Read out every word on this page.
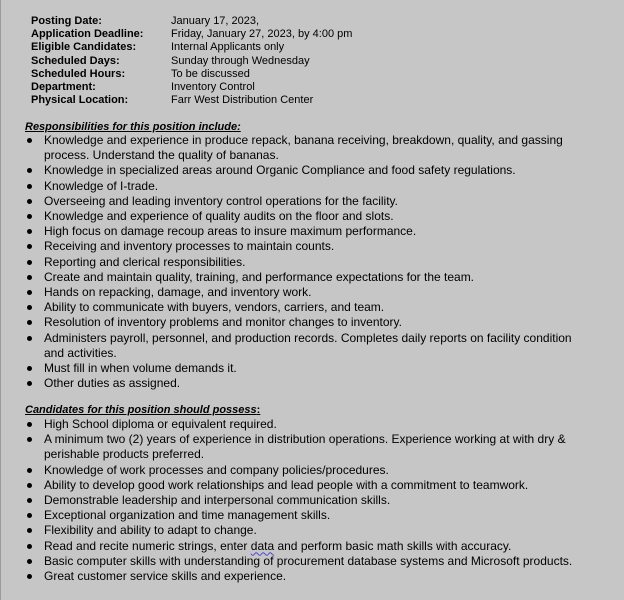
Posting Date:	January 17, 2023,
Application Deadline:	Friday, January 27, 2023, by 4:00 pm
Eligible Candidates:	Internal Applicants only
Scheduled Days:	Sunday through Wednesday
Scheduled Hours:	To be discussed
Department:	Inventory Control
Physical Location:	Farr West Distribution Center
Responsibilities for this position include:
Knowledge and experience in produce repack, banana receiving, breakdown, quality, and gassing process. Understand the quality of bananas.
Knowledge in specialized areas around Organic Compliance and food safety regulations.
Knowledge of I-trade.
Overseeing and leading inventory control operations for the facility.
Knowledge and experience of quality audits on the floor and slots.
High focus on damage recoup areas to insure maximum performance.
Receiving and inventory processes to maintain counts.
Reporting and clerical responsibilities.
Create and maintain quality, training, and performance expectations for the team.
Hands on repacking, damage, and inventory work.
Ability to communicate with buyers, vendors, carriers, and team.
Resolution of inventory problems and monitor changes to inventory.
Administers payroll, personnel, and production records. Completes daily reports on facility condition and activities.
Must fill in when volume demands it.
Other duties as assigned.
Candidates for this position should possess:
High School diploma or equivalent required.
A minimum two (2) years of experience in distribution operations. Experience working at with dry & perishable products preferred.
Knowledge of work processes and company policies/procedures.
Ability to develop good work relationships and lead people with a commitment to teamwork.
Demonstrable leadership and interpersonal communication skills.
Exceptional organization and time management skills.
Flexibility and ability to adapt to change.
Read and recite numeric strings, enter data and perform basic math skills with accuracy.
Basic computer skills with understanding of procurement database systems and Microsoft products.
Great customer service skills and experience.
